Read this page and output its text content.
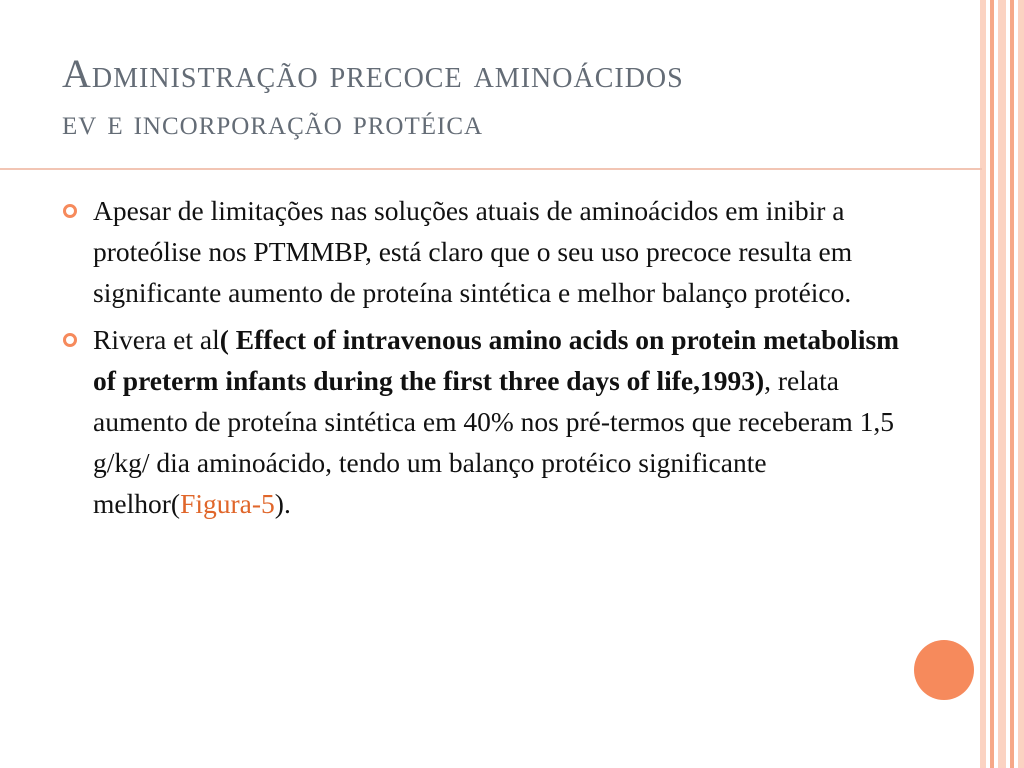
Administração precoce aminoácidos
ev e incorporação protéica
Apesar de limitações nas soluções atuais de aminoácidos em inibir a proteólise nos PTMMBP, está claro que o seu uso precoce resulta em significante aumento de proteína sintética e melhor balanço protéico.
Rivera et al( Effect of intravenous amino acids on protein metabolism of preterm infants during the first three days of life,1993), relata aumento de proteína sintética em 40% nos pré-termos que receberam 1,5 g/kg/ dia aminoácido, tendo um balanço protéico significante melhor(Figura-5).
